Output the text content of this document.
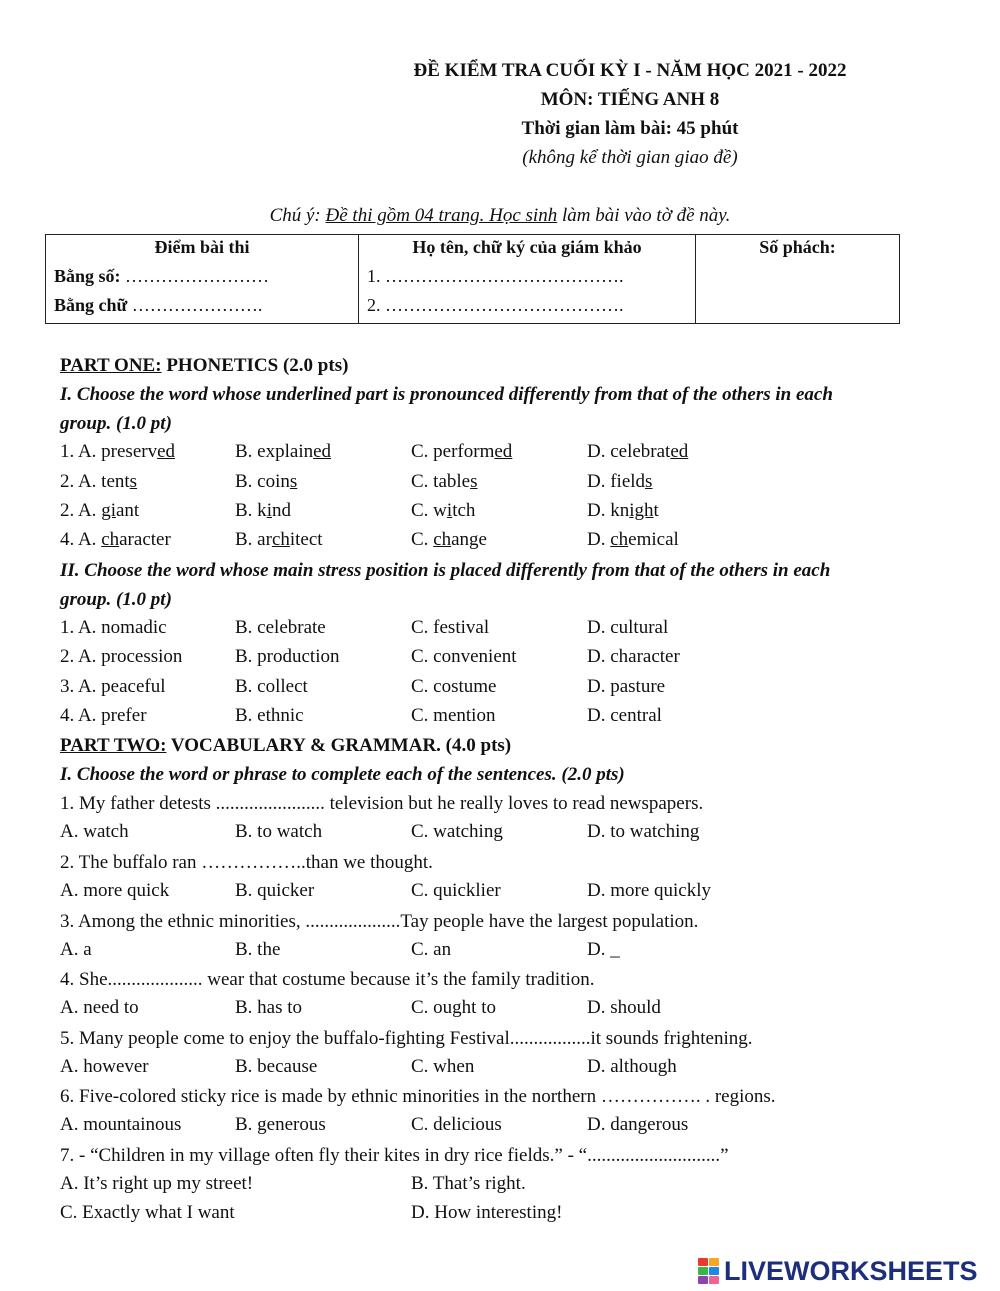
ĐỀ KIỂM TRA CUỐI KỲ I - NĂM HỌC 2021 - 2022
MÔN: TIẾNG ANH 8
Thời gian làm bài: 45 phút
(không kể thời gian giao đề)
Chú ý: Đề thi gồm 04 trang. Học sinh làm bài vào tờ đề này.
Điểm bài thi
Bằng số: ……………………
Bằng chữ ………………….

Họ tên, chữ ký của giám khảo
1. ………………………………….
2. ………………………………….

Số phách:
PART ONE: PHONETICS (2.0 pts)
I. Choose the word whose underlined part is pronounced differently from that of the others in each
group. (1.0 pt)
II. Choose the word whose main stress position is placed differently from that of the others in each
group. (1.0 pt)
PART TWO: VOCABULARY & GRAMMAR. (4.0 pts)
I. Choose the word or phrase to complete each of the sentences. (2.0 pts)
LIVEWORKSHEETS
1. A. preserved	B. explained	C. performed	D. celebrated
2. A. tents	B. coins	C. tables	D. fields
2. A. giant	B. kind	C. witch	D. knight
4. A. character	B. architect	C. change	D. chemical
1. A. nomadic	B. celebrate	C. festival	D. cultural
2. A. procession	B. production	C. convenient	D. character
3. A. peaceful	B. collect	C. costume	D. pasture
4. A. prefer	B. ethnic	C. mention	D. central
1. My father detests ....................... television but he really loves to read newspapers.
A. watch	B. to watch	C. watching	D. to watching
2. The buffalo ran ……………..than we thought.
A. more quick	B. quicker	C. quicklier	D. more quickly
3. Among the ethnic minorities, ....................Tay people have the largest population.
A. a	B. the	C. an	D. _
4. She.................... wear that costume because it’s the family tradition.
A. need to	B. has to	C. ought to	D. should
5. Many people come to enjoy the buffalo-fighting Festival.................it sounds frightening.
A. however	B. because	C. when	D. although
6. Five-colored sticky rice is made by ethnic minorities in the northern ……………. . regions.
A. mountainous	B. generous	C. delicious	D. dangerous
7. - “Children in my village often fly their kites in dry rice fields.” - “............................”
A. It’s right up my street!	B. That’s right.
C. Exactly what I want	D. How interesting!
